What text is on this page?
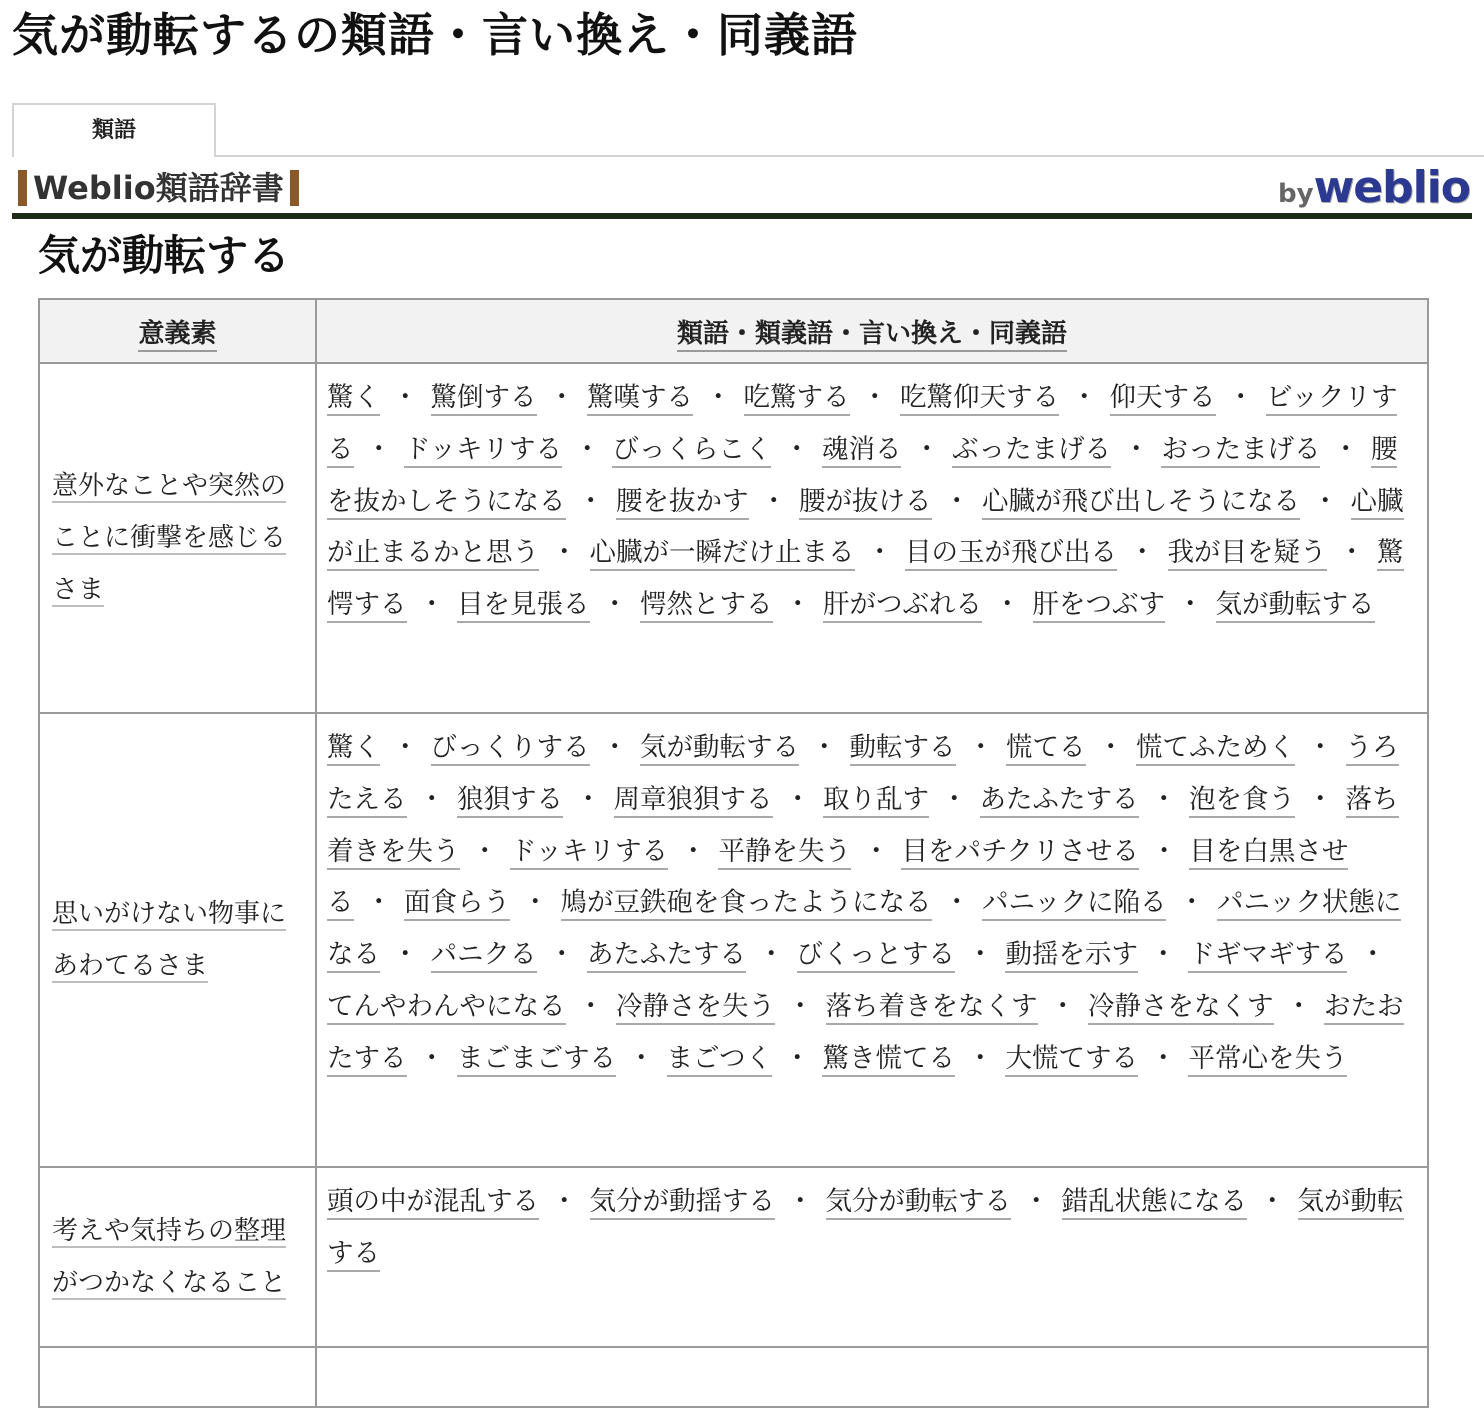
気が動転するの類語・言い換え・同義語
類語
Weblio類語辞書	byweblio
気が動転する
意義素	類語・類義語・言い換え・同義語
意外なことや突然のことに衝撃を感じるさま	驚く ・ 驚倒する ・ 驚嘆する ・ 吃驚する ・ 吃驚仰天する ・ 仰天する ・ ビックリする ・ ドッキリする ・ びっくらこく ・ 魂消る ・ ぶったまげる ・ おったまげる ・ 腰を抜かしそうになる ・ 腰を抜かす ・ 腰が抜ける ・ 心臓が飛び出しそうになる ・ 心臓が止まるかと思う ・ 心臓が一瞬だけ止まる ・ 目の玉が飛び出る ・ 我が目を疑う ・ 驚愕する ・ 目を見張る ・ 愕然とする ・ 肝がつぶれる ・ 肝をつぶす ・ 気が動転する
思いがけない物事にあわてるさま	驚く ・ びっくりする ・ 気が動転する ・ 動転する ・ 慌てる ・ 慌てふためく ・ うろたえる ・ 狼狽する ・ 周章狼狽する ・ 取り乱す ・ あたふたする ・ 泡を食う ・ 落ち着きを失う ・ ドッキリする ・ 平静を失う ・ 目をパチクリさせる ・ 目を白黒させる ・ 面食らう ・ 鳩が豆鉄砲を食ったようになる ・ パニックに陥る ・ パニック状態になる ・ パニクる ・ あたふたする ・ びくっとする ・ 動揺を示す ・ ドギマギする ・てんやわんやになる ・ 冷静さを失う ・ 落ち着きをなくす ・ 冷静さをなくす ・ おたおたする ・ まごまごする ・ まごつく ・ 驚き慌てる ・ 大慌てする ・ 平常心を失う
考えや気持ちの整理がつかなくなること	頭の中が混乱する ・ 気分が動揺する ・ 気分が動転する ・ 錯乱状態になる ・ 気が動転する
